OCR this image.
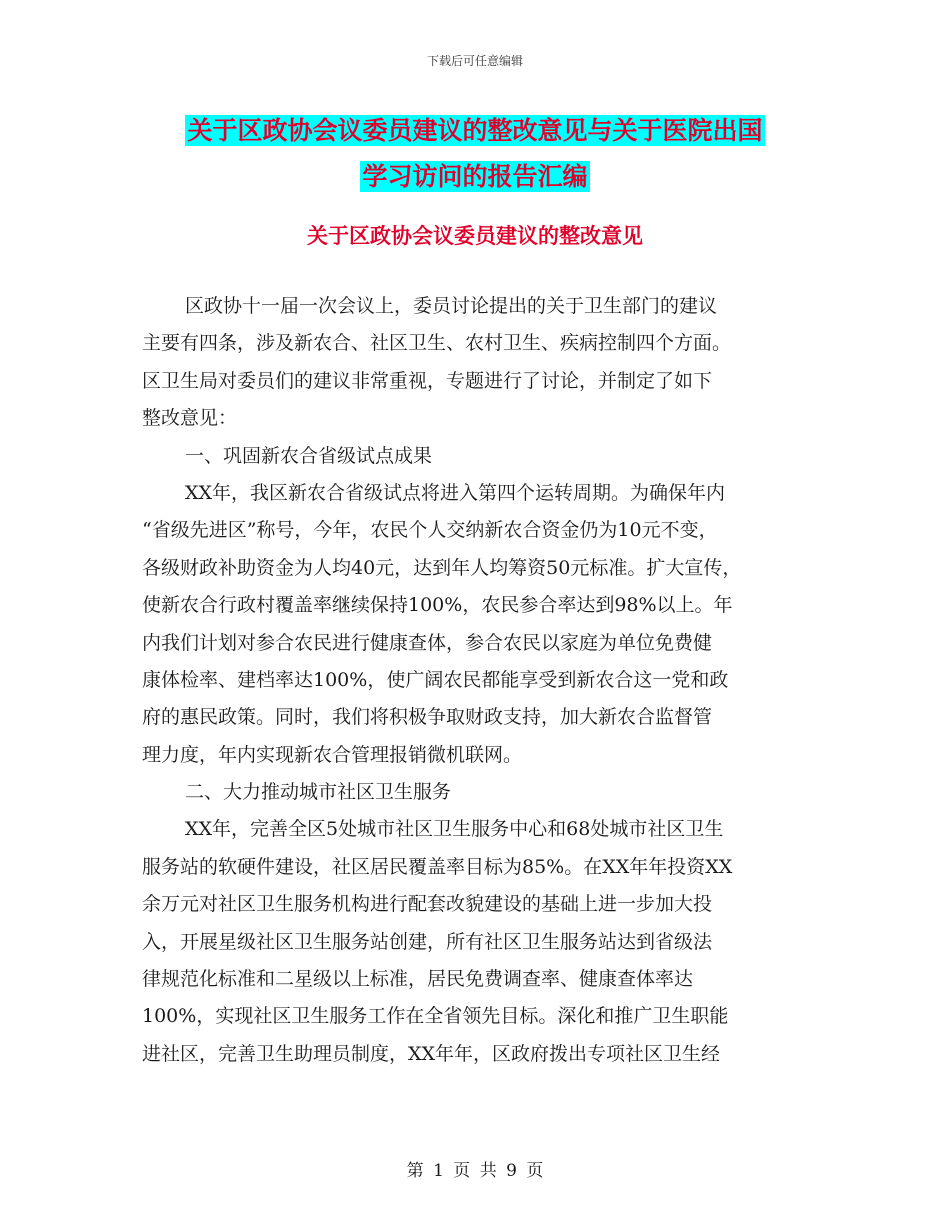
下载后可任意编辑
关于区政协会议委员建议的整改意见与关于医院出国
学习访问的报告汇编
关于区政协会议委员建议的整改意见
区政协十一届一次会议上，委员讨论提出的关于卫生部门的建议
主要有四条，涉及新农合、社区卫生、农村卫生、疾病控制四个方面。
区卫生局对委员们的建议非常重视，专题进行了讨论，并制定了如下
整改意见：
一、巩固新农合省级试点成果
XX年，我区新农合省级试点将进入第四个运转周期。为确保年内
“省级先进区”称号，今年，农民个人交纳新农合资金仍为10元不变，
各级财政补助资金为人均40元，达到年人均筹资50元标准。扩大宣传，
使新农合行政村覆盖率继续保持100%，农民参合率达到98%以上。年
内我们计划对参合农民进行健康查体，参合农民以家庭为单位免费健
康体检率、建档率达100%，使广阔农民都能享受到新农合这一党和政
府的惠民政策。同时，我们将积极争取财政支持，加大新农合监督管
理力度，年内实现新农合管理报销微机联网。
二、大力推动城市社区卫生服务
XX年，完善全区5处城市社区卫生服务中心和68处城市社区卫生
服务站的软硬件建设，社区居民覆盖率目标为85%。在XX年年投资XX
余万元对社区卫生服务机构进行配套改貌建设的基础上进一步加大投
入，开展星级社区卫生服务站创建，所有社区卫生服务站达到省级法
律规范化标准和二星级以上标准，居民免费调查率、健康查体率达
100%，实现社区卫生服务工作在全省领先目标。深化和推广卫生职能
进社区，完善卫生助理员制度，XX年年，区政府拨出专项社区卫生经
第 1 页 共 9 页
